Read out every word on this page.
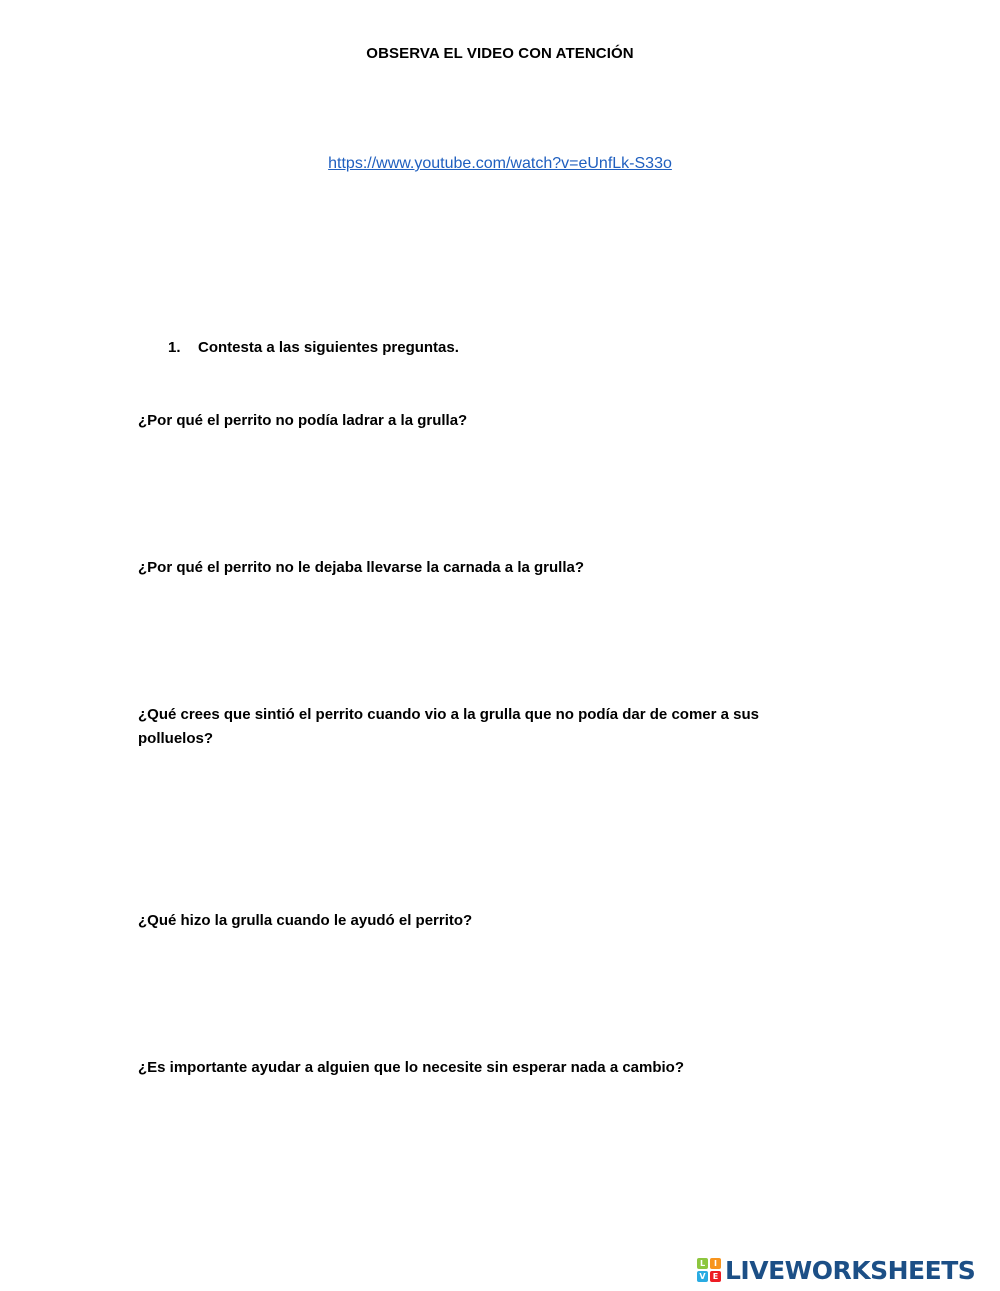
OBSERVA EL VIDEO CON ATENCIÓN
https://www.youtube.com/watch?v=eUnfLk-S33o
1. Contesta a las siguientes preguntas.
¿Por qué el perrito no podía ladrar a la grulla?
¿Por qué el perrito no le dejaba llevarse la carnada a la grulla?
¿Qué crees que sintió el perrito cuando vio a la grulla que no podía dar de comer a sus polluelos?
¿Qué hizo la grulla cuando le ayudó el perrito?
¿Es importante ayudar a alguien que lo necesite sin esperar nada a cambio?
L	I
V E LIVEWORKSHEETS
